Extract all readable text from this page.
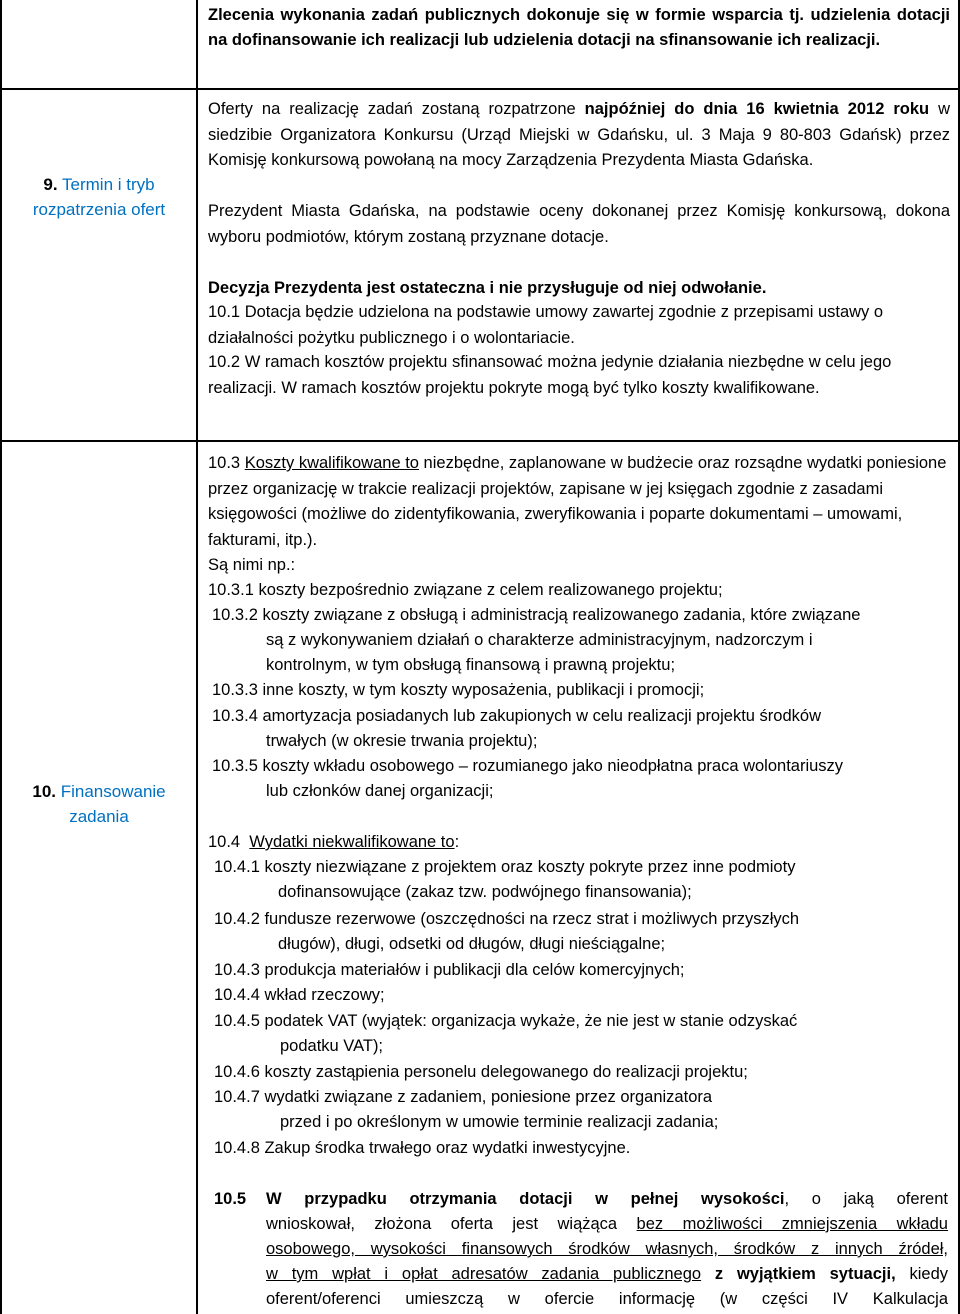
9. Termin i tryb
rozpatrzenia ofert
10. Finansowanie
zadania
Zlecenia wykonania zadań publicznych dokonuje się w formie wsparcia tj. udzielenia dotacji na dofinansowanie ich realizacji lub udzielenia dotacji na sfinansowanie ich realizacji.
Oferty na realizację zadań zostaną rozpatrzone najpóźniej do dnia 16 kwietnia 2012 roku w siedzibie Organizatora Konkursu (Urząd Miejski w Gdańsku, ul. 3 Maja 9 80-803 Gdańsk) przez Komisję konkursową powołaną na mocy Zarządzenia Prezydenta Miasta Gdańska.
Prezydent Miasta Gdańska, na podstawie oceny dokonanej przez Komisję konkursową, dokona wyboru podmiotów, którym zostaną przyznane dotacje.
Decyzja Prezydenta jest ostateczna i nie przysługuje od niej odwołanie.
10.1 Dotacja będzie udzielona na podstawie umowy zawartej zgodnie z przepisami ustawy o działalności pożytku publicznego i o wolontariacie.
10.2 W ramach kosztów projektu sfinansować można jedynie działania niezbędne w celu jego realizacji. W ramach kosztów projektu pokryte mogą być tylko koszty kwalifikowane.
10.3 Koszty kwalifikowane to niezbędne, zaplanowane w budżecie oraz rozsądne wydatki poniesione przez organizację w trakcie realizacji projektów, zapisane w jej księgach zgodnie z zasadami księgowości (możliwe do zidentyfikowania, zweryfikowania i poparte dokumentami – umowami, fakturami, itp.).
Są nimi np.:
10.3.1 koszty bezpośrednio związane z celem realizowanego projektu;
10.3.2 koszty związane z obsługą i administracją realizowanego zadania, które związane
są z wykonywaniem działań o charakterze administracyjnym, nadzorczym i
kontrolnym, w tym obsługą finansową i prawną projektu;
10.3.3 inne koszty, w tym koszty wyposażenia, publikacji i promocji;
10.3.4 amortyzacja posiadanych lub zakupionych w celu realizacji projektu środków
trwałych (w okresie trwania projektu);
10.3.5 koszty wkładu osobowego – rozumianego jako nieodpłatna praca wolontariuszy
lub członków danej organizacji;
10.4 Wydatki niekwalifikowane to:
10.4.1 koszty niezwiązane z projektem oraz koszty pokryte przez inne podmioty
dofinansowujące (zakaz tzw. podwójnego finansowania);
10.4.2 fundusze rezerwowe (oszczędności na rzecz strat i możliwych przyszłych
długów), długi, odsetki od długów, długi nieściągalne;
10.4.3 produkcja materiałów i publikacji dla celów komercyjnych;
10.4.4 wkład rzeczowy;
10.4.5 podatek VAT (wyjątek: organizacja wykaże, że nie jest w stanie odzyskać
podatku VAT);
10.4.6 koszty zastąpienia personelu delegowanego do realizacji projektu;
10.4.7 wydatki związane z zadaniem, poniesione przez organizatora
przed i po określonym w umowie terminie realizacji zadania;
10.4.8 Zakup środka trwałego oraz wydatki inwestycyjne.
10.5 W przypadku otrzymania dotacji w pełnej wysokości, o jaką oferent
wnioskował, złożona oferta jest wiążąca bez możliwości zmniejszenia wkładu
osobowego, wysokości finansowych środków własnych, środków z innych źródeł,
w tym wpłat i opłat adresatów zadania publicznego z wyjątkiem sytuacji, kiedy
oferent/oferenci umieszczą w ofercie informację (w części IV Kalkulacja
